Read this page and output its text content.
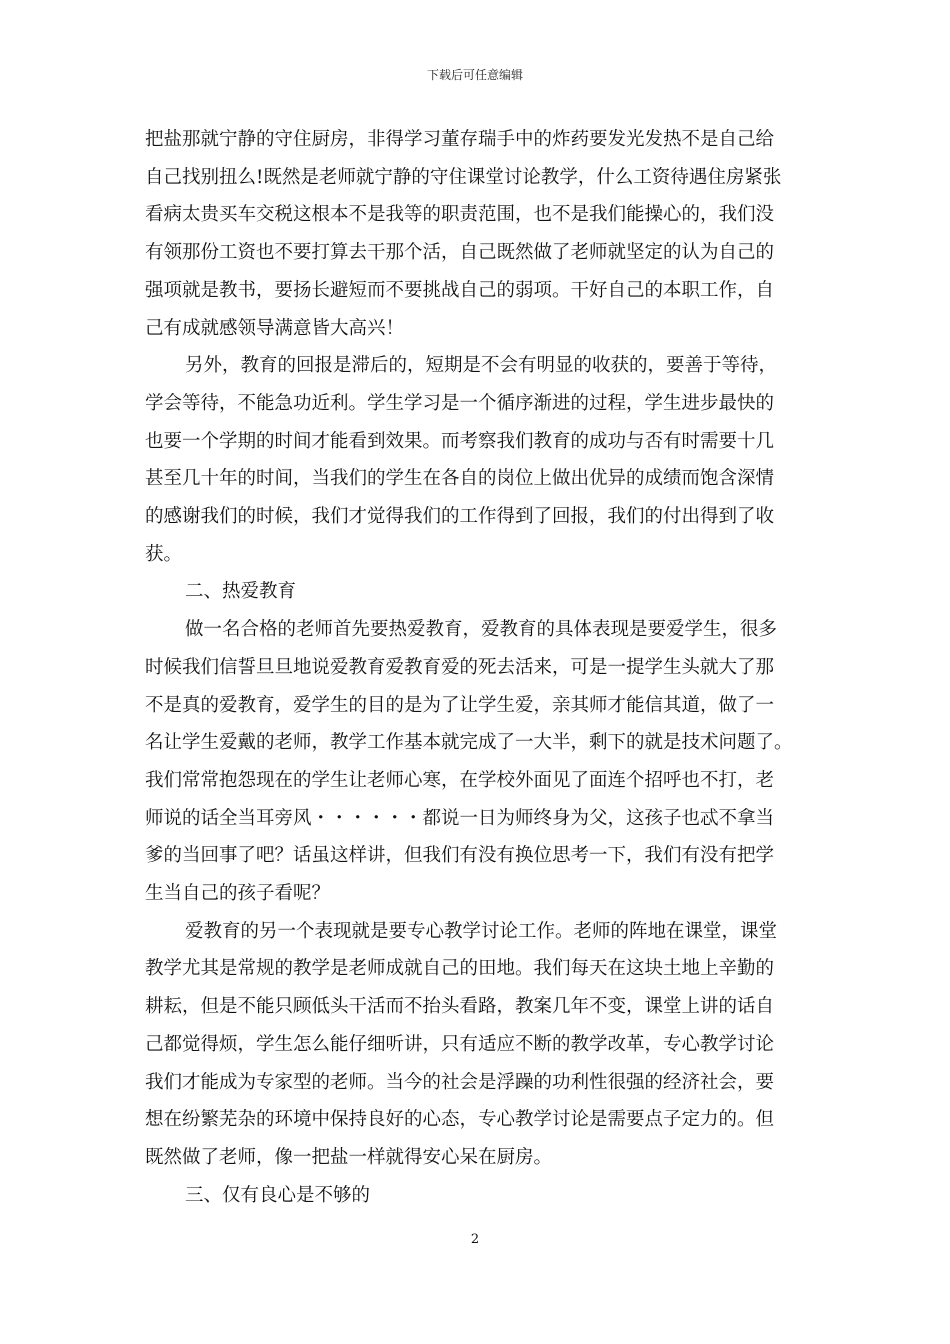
下载后可任意编辑
把盐那就宁静的守住厨房，非得学习董存瑞手中的炸药要发光发热不是自己给
自己找别扭么!既然是老师就宁静的守住课堂讨论教学，什么工资待遇住房紧张
看病太贵买车交税这根本不是我等的职责范围，也不是我们能操心的，我们没
有领那份工资也不要打算去干那个活，自己既然做了老师就坚定的认为自己的
强项就是教书，要扬长避短而不要挑战自己的弱项。干好自己的本职工作，自
己有成就感领导满意皆大高兴！
另外，教育的回报是滞后的，短期是不会有明显的收获的，要善于等待，
学会等待，不能急功近利。学生学习是一个循序渐进的过程，学生进步最快的
也要一个学期的时间才能看到效果。而考察我们教育的成功与否有时需要十几
甚至几十年的时间，当我们的学生在各自的岗位上做出优异的成绩而饱含深情
的感谢我们的时候，我们才觉得我们的工作得到了回报，我们的付出得到了收
获。
二、热爱教育
做一名合格的老师首先要热爱教育，爱教育的具体表现是要爱学生，很多
时候我们信誓旦旦地说爱教育爱教育爱的死去活来，可是一提学生头就大了那
不是真的爱教育，爱学生的目的是为了让学生爱，亲其师才能信其道，做了一
名让学生爱戴的老师，教学工作基本就完成了一大半，剩下的就是技术问题了。
我们常常抱怨现在的学生让老师心寒，在学校外面见了面连个招呼也不打，老
师说的话全当耳旁风・・・・・・都说一日为师终身为父，这孩子也忒不拿当
爹的当回事了吧？话虽这样讲，但我们有没有换位思考一下，我们有没有把学
生当自己的孩子看呢？
爱教育的另一个表现就是要专心教学讨论工作。老师的阵地在课堂，课堂
教学尤其是常规的教学是老师成就自己的田地。我们每天在这块土地上辛勤的
耕耘，但是不能只顾低头干活而不抬头看路，教案几年不变，课堂上讲的话自
己都觉得烦，学生怎么能仔细听讲，只有适应不断的教学改革，专心教学讨论
我们才能成为专家型的老师。当今的社会是浮躁的功利性很强的经济社会，要
想在纷繁芜杂的环境中保持良好的心态，专心教学讨论是需要点子定力的。但
既然做了老师，像一把盐一样就得安心呆在厨房。
三、仅有良心是不够的
2
